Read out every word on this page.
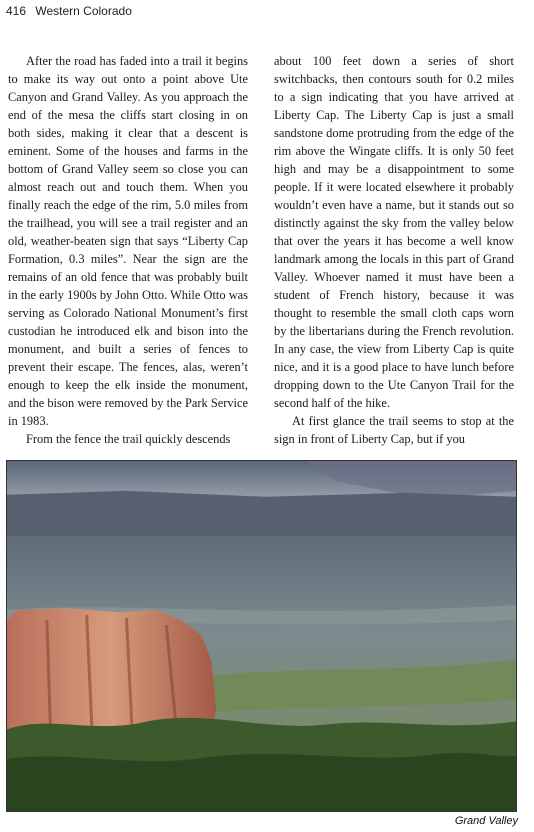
416 Western Colorado

After the road has faded into a trail it begins to make its way out onto a point above Ute Canyon and Grand Valley. As you approach the end of the mesa the cliffs start closing in on both sides, making it clear that a descent is eminent. Some of the houses and farms in the bottom of Grand Valley seem so close you can almost reach out and touch them. When you finally reach the edge of the rim, 5.0 miles from the trailhead, you will see a trail register and an old, weather-beaten sign that says “Liberty Cap Formation, 0.3 miles”. Near the sign are the remains of an old fence that was probably built in the early 1900s by John Otto. While Otto was serving as Colorado National Monument’s first custodian he introduced elk and bison into the monument, and built a series of fences to prevent their escape. The fences, alas, weren’t enough to keep the elk inside the monument, and the bison were removed by the Park Service in 1983.

From the fence the trail quickly descends

about 100 feet down a series of short switchbacks, then contours south for 0.2 miles to a sign indicating that you have arrived at Liberty Cap. The Liberty Cap is just a small sandstone dome protruding from the edge of the rim above the Wingate cliffs. It is only 50 feet high and may be a disappointment to some people. If it were located elsewhere it probably wouldn’t even have a name, but it stands out so distinctly against the sky from the valley below that over the years it has become a well know landmark among the locals in this part of Grand Valley. Whoever named it must have been a student of French history, because it was thought to resemble the small cloth caps worn by the libertarians during the French revolution. In any case, the view from Liberty Cap is quite nice, and it is a good place to have lunch before dropping down to the Ute Canyon Trail for the second half of the hike.

At first glance the trail seems to stop at the sign in front of Liberty Cap, but if you

Grand Valley
